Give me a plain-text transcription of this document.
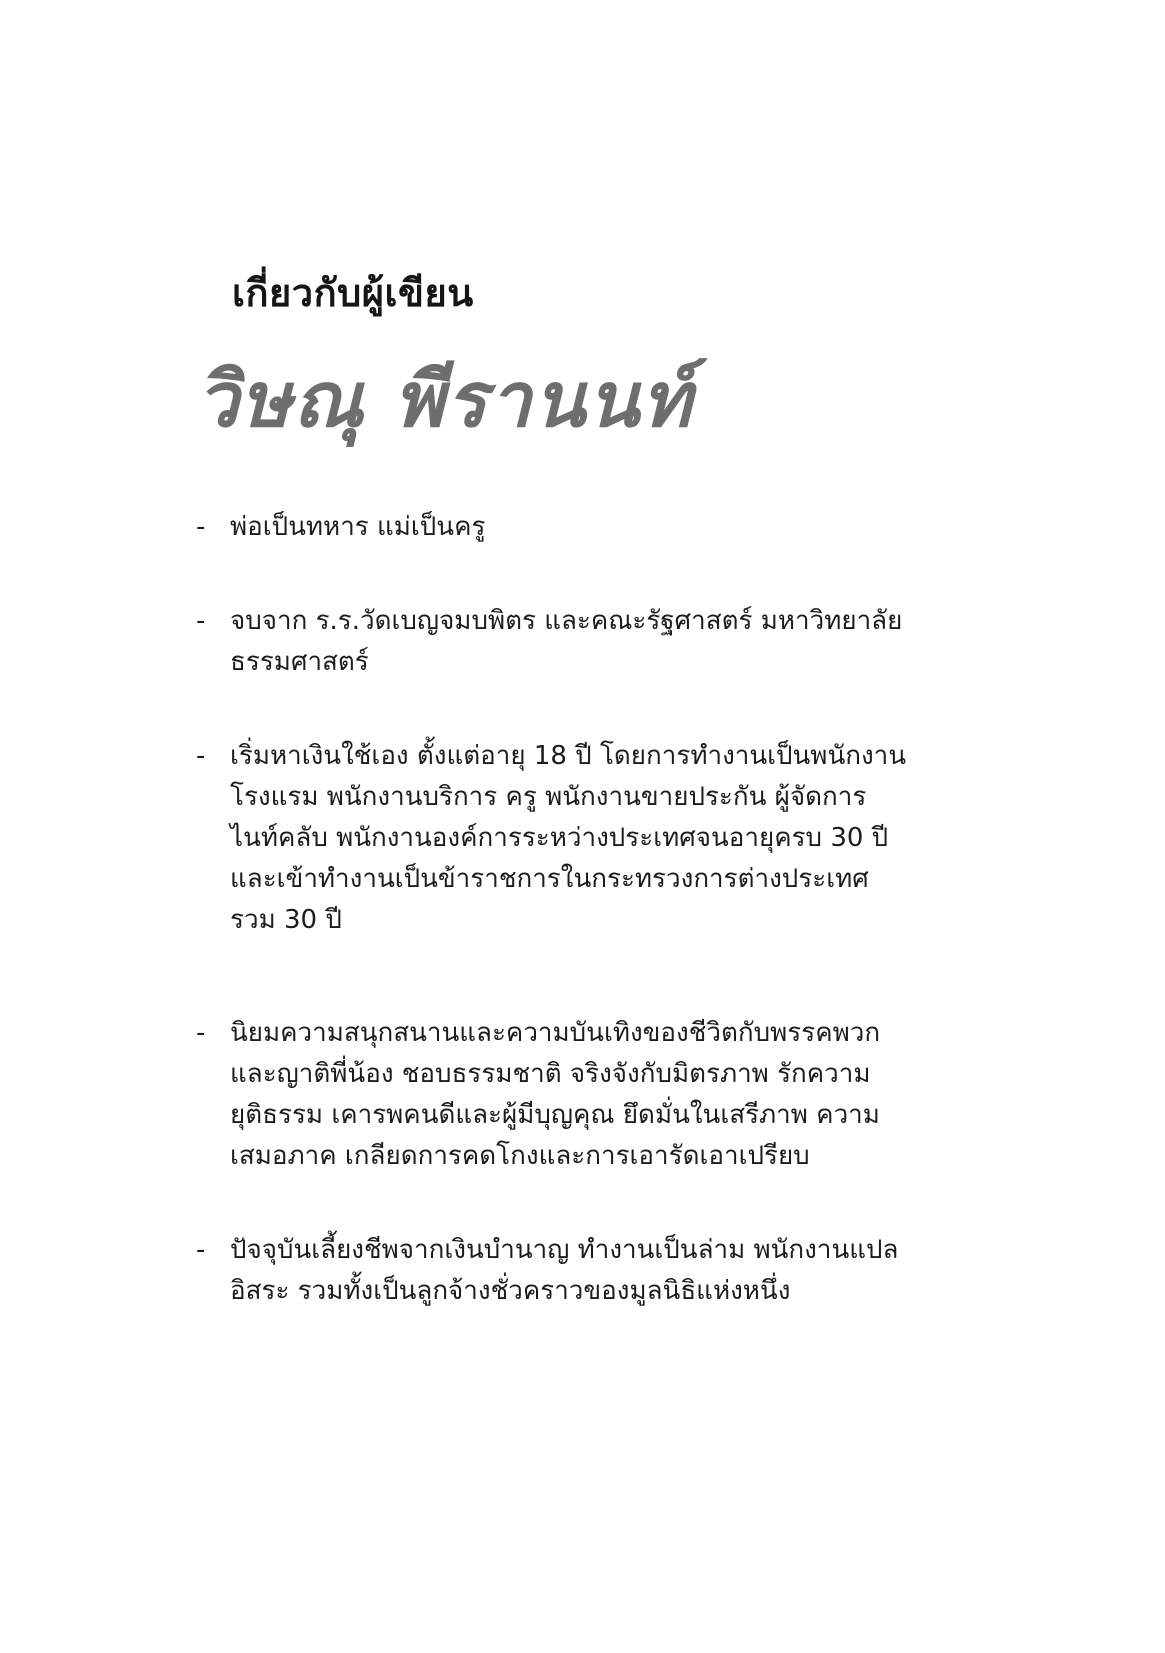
เกี่ยวกับผู้เขียน
วิษณุ พีรานนท์
- พ่อเป็นทหาร แม่เป็นครู
- จบจาก ร.ร.วัดเบญจมบพิตร และคณะรัฐศาสตร์ มหาวิทยาลัย
ธรรมศาสตร์
- เริ่มหาเงินใช้เอง ตั้งแต่อายุ 18 ปี โดยการทำงานเป็นพนักงาน
โรงแรม พนักงานบริการ ครู พนักงานขายประกัน ผู้จัดการ
ไนท์คลับ พนักงานองค์การระหว่างประเทศจนอายุครบ 30 ปี
และเข้าทำงานเป็นข้าราชการในกระทรวงการต่างประเทศ
รวม 30 ปี
- นิยมความสนุกสนานและความบันเทิงของชีวิตกับพรรคพวก
และญาติพี่น้อง ชอบธรรมชาติ จริงจังกับมิตรภาพ รักความ
ยุติธรรม เคารพคนดีและผู้มีบุญคุณ ยึดมั่นในเสรีภาพ ความ
เสมอภาค เกลียดการคดโกงและการเอารัดเอาเปรียบ
- ปัจจุบันเลี้ยงชีพจากเงินบำนาญ ทำงานเป็นล่าม พนักงานแปล
อิสระ รวมทั้งเป็นลูกจ้างชั่วคราวของมูลนิธิแห่งหนึ่ง
